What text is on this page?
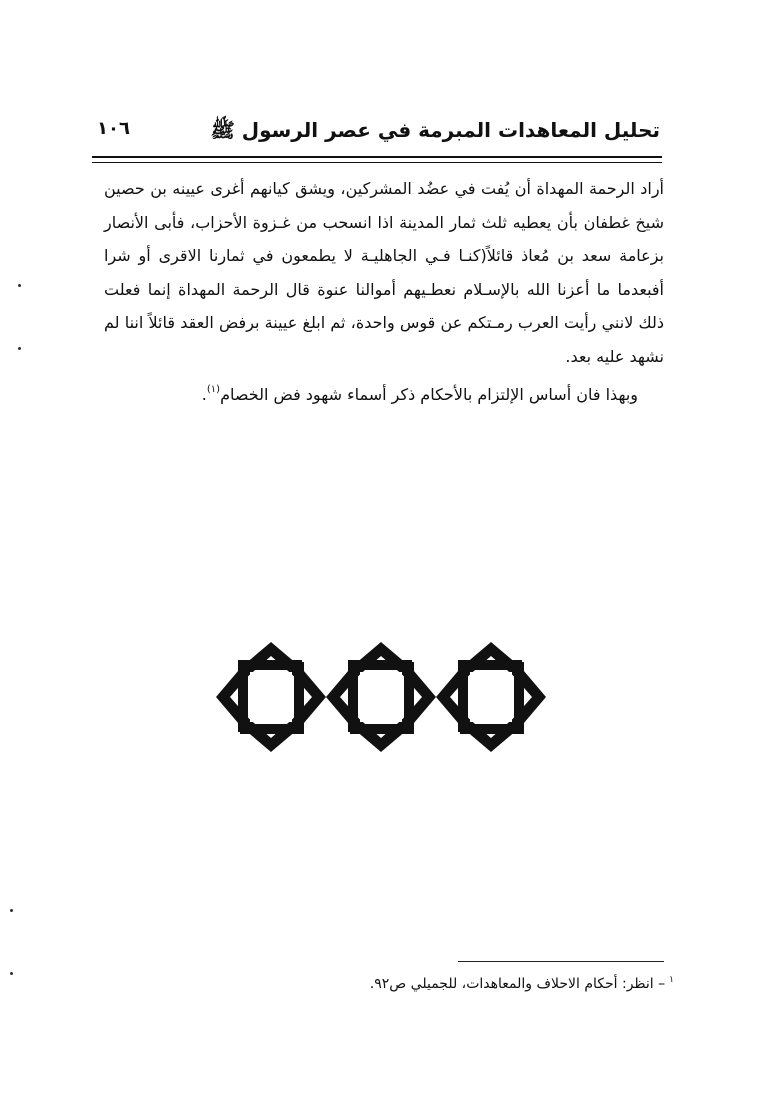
تحليل المعاهدات المبرمة في عصر الرسول ﷺ
١٠٦

أراد الرحمة المهداة أن يُفت في عضُد المشركين، ويشق كيانهم أغرى عيينه بن حصين شيخ غطفان بأن يعطيه ثلث ثمار المدينة اذا انسحب من غـزوة الأحزاب، فأبى الأنصار بزعامة سعد بن مُعاذ قائلاً(كنـا فـي الجاهليـة لا يطمعون في ثمارنا الاقرى أو شرا أفبعدما ما أعزنا الله بالإسـلام نعطـيهم أموالنا عنوة قال الرحمة المهداة إنما فعلت ذلك لانني رأيت العرب رمـتكم عن قوس واحدة، ثم ابلغ عيينة برفض العقد قائلاً اننا لم نشهد عليه بعد.

وبهذا فان أساس الإلتزام بالأحكام ذكر أسماء شهود فض الخصام$^{(١)}$.

$^١$– انظر: أحكام الاحلاف والمعاهدات، للجميلي ص٩٢.
